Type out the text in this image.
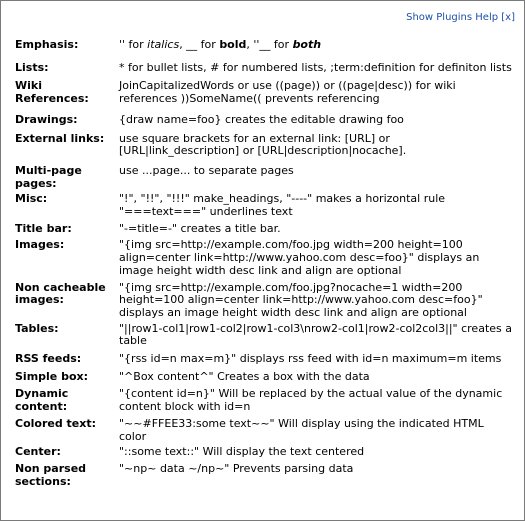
Show Plugins Help [x]
Emphasis:	'' for italics, __ for bold, ''__ for both
Lists:	* for bullet lists, # for numbered lists, ;term:definition for definiton lists
Wiki References:
JoinCapitalizedWords or use ((page)) or ((page|desc)) for wiki references ))SomeName(( prevents referencing
Drawings:	{draw name=foo} creates the editable drawing foo
External links:	use square brackets for an external link: [URL] or [URL|link_description] or [URL|description|nocache].
Multi-page pages:
use ...page... to separate pages
Misc:	"!", "!!", "!!!" make_headings, "----" makes a horizontal rule "===text===" underlines text
Title bar:	"-=title=-" creates a title bar.
Images:	"{img src=http://example.com/foo.jpg width=200 height=100 align=center link=http://www.yahoo.com desc=foo}" displays an image height width desc link and align are optional
Non cacheable images:
"{img src=http://example.com/foo.jpg?nocache=1 width=200 height=100 align=center link=http://www.yahoo.com desc=foo}" displays an image height width desc link and align are optional
Tables:	"||row1-col1|row1-col2|row1-col3\nrow2-col1|row2-col2col3||" creates a table
RSS feeds:	"{rss id=n max=m}" displays rss feed with id=n maximum=m items
Simple box:	"^Box content^" Creates a box with the data
Dynamic content:
"{content id=n}" Will be replaced by the actual value of the dynamic content block with id=n
Colored text:	"~~#FFEE33:some text~~" Will display using the indicated HTML color
Center:	"::some text::" Will display the text centered
Non parsed sections:
"~np~ data ~/np~" Prevents parsing data
